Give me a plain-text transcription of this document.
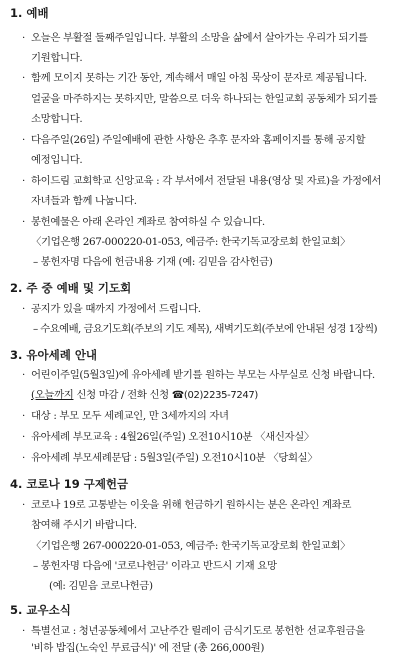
1. 예배
· 오늘은 부활절 둘째주일입니다. 부활의 소망을 삶에서 살아가는 우리가 되기를
기원합니다.
· 함께 모이지 못하는 기간 동안, 계속해서 매일 아침 묵상이 문자로 제공됩니다.
얼굴을 마주하지는 못하지만, 말씀으로 더욱 하나되는 한일교회 공동체가 되기를
소망합니다.
· 다음주일(26일) 주일예배에 관한 사항은 추후 문자와 홈페이지를 통해 공지할
예정입니다.
· 하이드림 교회학교 신앙교육 : 각 부서에서 전달된 내용(영상 및 자료)을 가정에서
자녀들과 함께 나눕니다.
· 봉헌예물은 아래 온라인 계좌로 참여하실 수 있습니다.
〈기업은행 267-000220-01-053, 예금주: 한국기독교장로회 한일교회〉
– 봉헌자명 다음에 헌금내용 기재 (예: 김믿음 감사헌금)
2. 주 중 예배 및 기도회
· 공지가 있을 때까지 가정에서 드립니다.
– 수요예배, 금요기도회(주보의 기도 제목), 새벽기도회(주보에 안내된 성경 1장씩)
3. 유아세례 안내
· 어린이주일(5월3일)에 유아세례 받기를 원하는 부모는 사무실로 신청 바랍니다.
(오늘까지 신청 마감 / 전화 신청 ☎(02)2235-7247)
· 대상 : 부모 모두 세례교인, 만 3세까지의 자녀
· 유아세례 부모교육 : 4월26일(주일) 오전10시10분 〈새신자실〉
· 유아세례 부모세례문답 : 5월3일(주일) 오전10시10분 〈당회실〉
4. 코로나 19 구제헌금
· 코로나 19로 고통받는 이웃을 위해 헌금하기 원하시는 분은 온라인 계좌로
참여해 주시기 바랍니다.
〈기업은행 267-000220-01-053, 예금주: 한국기독교장로회 한일교회〉
– 봉헌자명 다음에 '코로나헌금' 이라고 반드시 기재 요망
(예: 김믿음 코로나헌금)
5. 교우소식
· 특별선교 : 청년공동체에서 고난주간 릴레이 금식기도로 봉헌한 선교후원금을
'비하 밥집(노숙인 무료급식)' 에 전달 (총 266,000원)
